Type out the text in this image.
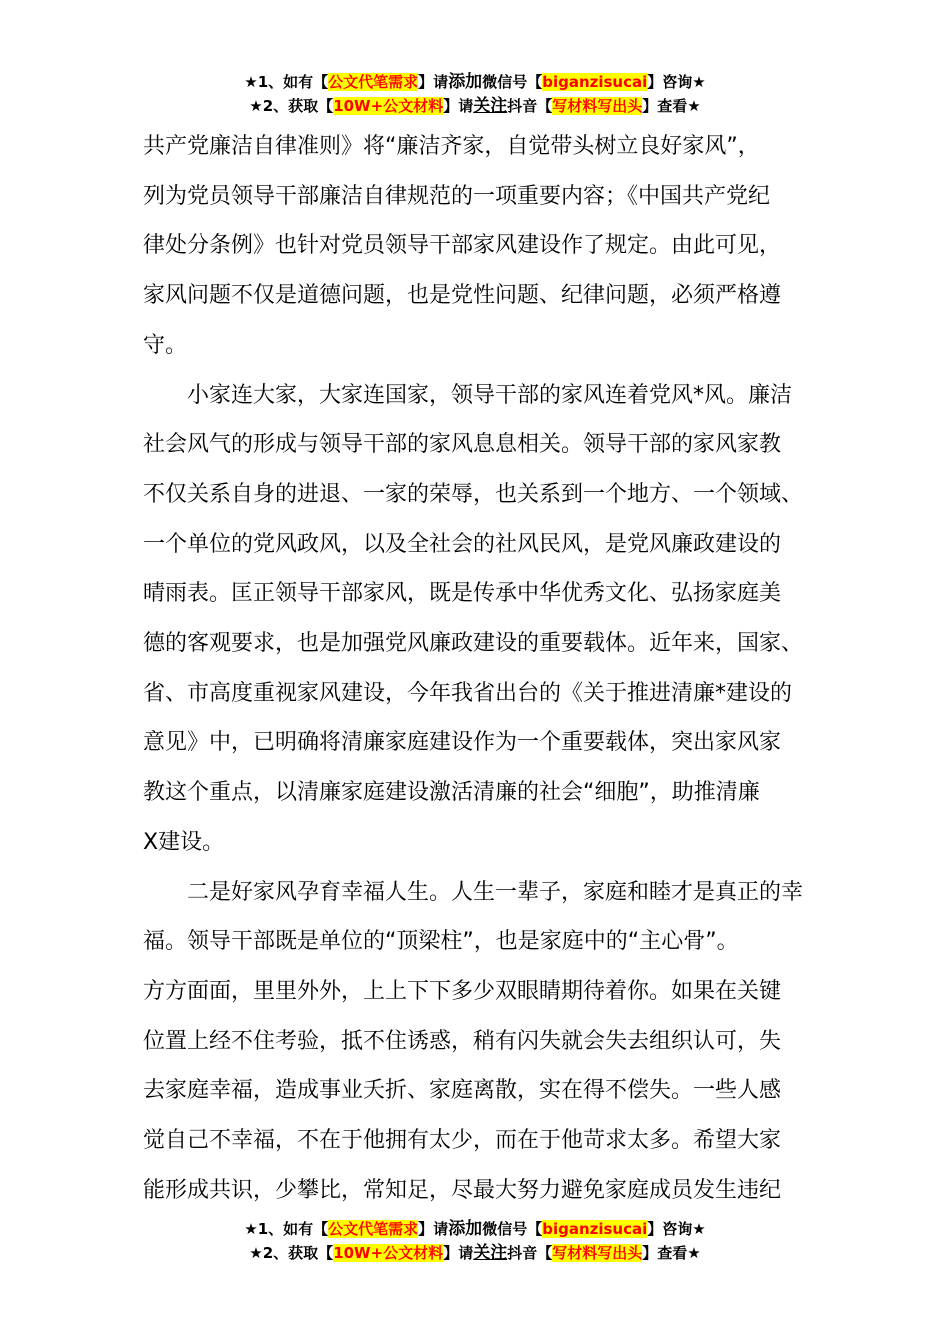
★1、如有【公文代笔需求】请添加微信号【biganzisucai】咨询★
★2、获取【10W+公文材料】请关注抖音【写材料写出头】查看★

共产党廉洁自律准则》将“廉洁齐家，自觉带头树立良好家风”，
列为党员领导干部廉洁自律规范的一项重要内容；《中国共产党纪
律处分条例》也针对党员领导干部家风建设作了规定。由此可见，
家风问题不仅是道德问题，也是党性问题、纪律问题，必须严格遵
守。

　　小家连大家，大家连国家，领导干部的家风连着党风*风。廉洁
社会风气的形成与领导干部的家风息息相关。领导干部的家风家教
不仅关系自身的进退、一家的荣辱，也关系到一个地方、一个领域、
一个单位的党风政风，以及全社会的社风民风，是党风廉政建设的
晴雨表。匡正领导干部家风，既是传承中华优秀文化、弘扬家庭美
德的客观要求，也是加强党风廉政建设的重要载体。近年来，国家、
省、市高度重视家风建设，今年我省出台的《关于推进清廉*建设的
意见》中，已明确将清廉家庭建设作为一个重要载体，突出家风家
教这个重点，以清廉家庭建设激活清廉的社会“细胞”，助推清廉
X建设。

　　二是好家风孕育幸福人生。人生一辈子，家庭和睦才是真正的幸
福。领导干部既是单位的“顶梁柱”，也是家庭中的“主心骨”。
方方面面，里里外外，上上下下多少双眼睛期待着你。如果在关键
位置上经不住考验，抵不住诱惑，稍有闪失就会失去组织认可，失
去家庭幸福，造成事业夭折、家庭离散，实在得不偿失。一些人感
觉自己不幸福，不在于他拥有太少，而在于他苛求太多。希望大家
能形成共识，少攀比，常知足，尽最大努力避免家庭成员发生违纪

★1、如有【公文代笔需求】请添加微信号【biganzisucai】咨询★
★2、获取【10W+公文材料】请关注抖音【写材料写出头】查看★
